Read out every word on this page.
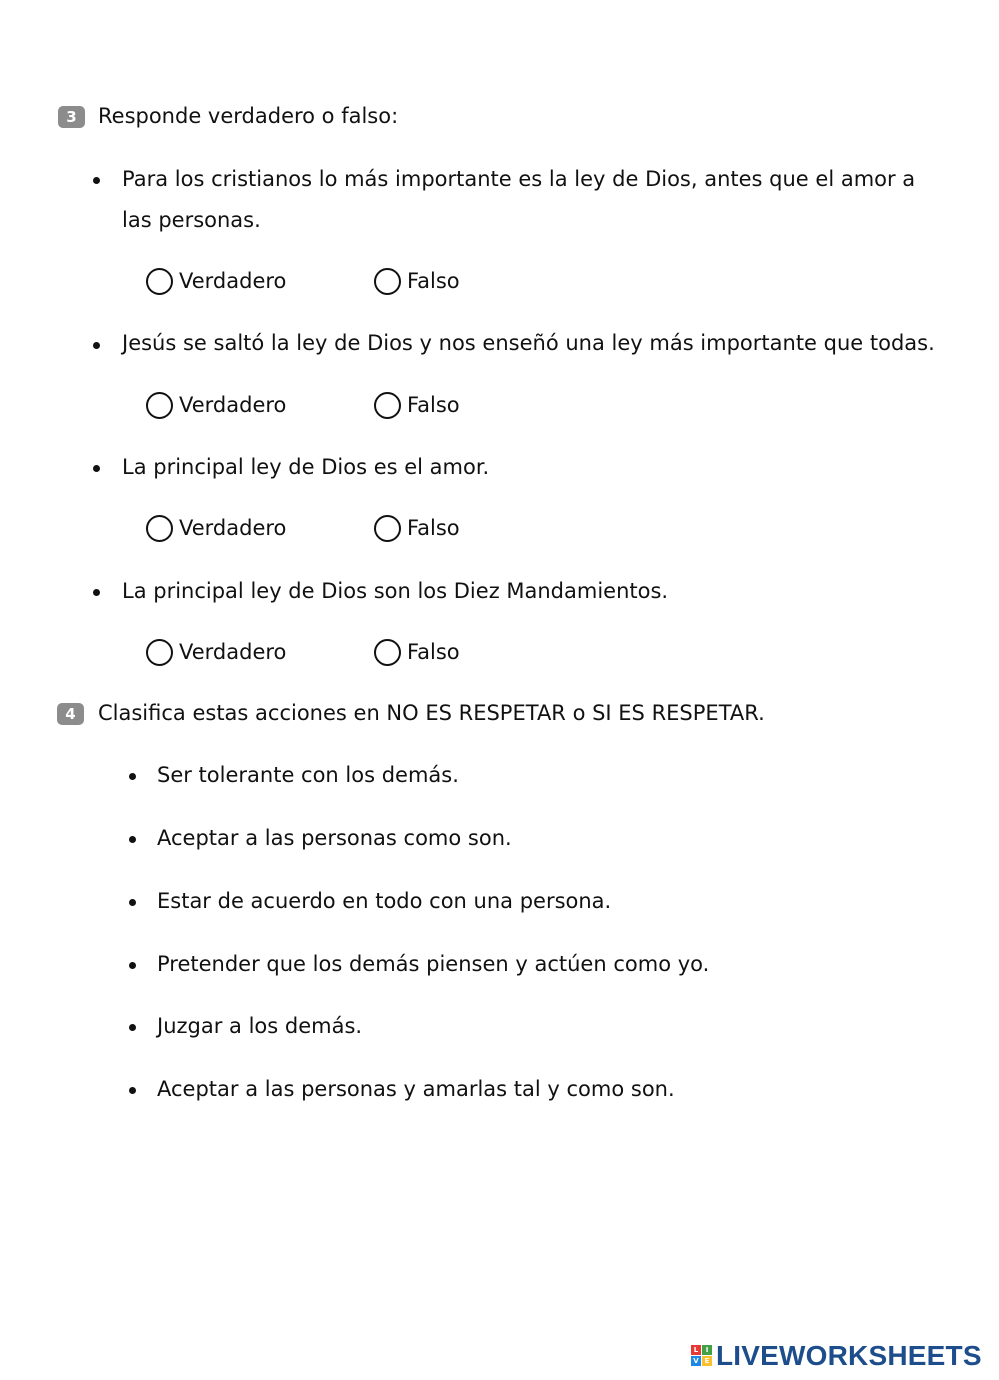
3	Responde verdadero o falso:
Para los cristianos lo más importante es la ley de Dios, antes que el amor a las personas.
Verdadero	Falso
Jesús se saltó la ley de Dios y nos enseñó una ley más importante que todas.
Verdadero	Falso
La principal ley de Dios es el amor.
Verdadero	Falso
La principal ley de Dios son los Diez Mandamientos.
Verdadero	Falso
4	Clasifica estas acciones en NO ES RESPETAR o SI ES RESPETAR.
Ser tolerante con los demás.
Aceptar a las personas como son.
Estar de acuerdo en todo con una persona.
Pretender que los demás piensen y actúen como yo.
Juzgar a los demás.
Aceptar a las personas y amarlas tal y como son.
L	I
V E LIVEWORKSHEETS
